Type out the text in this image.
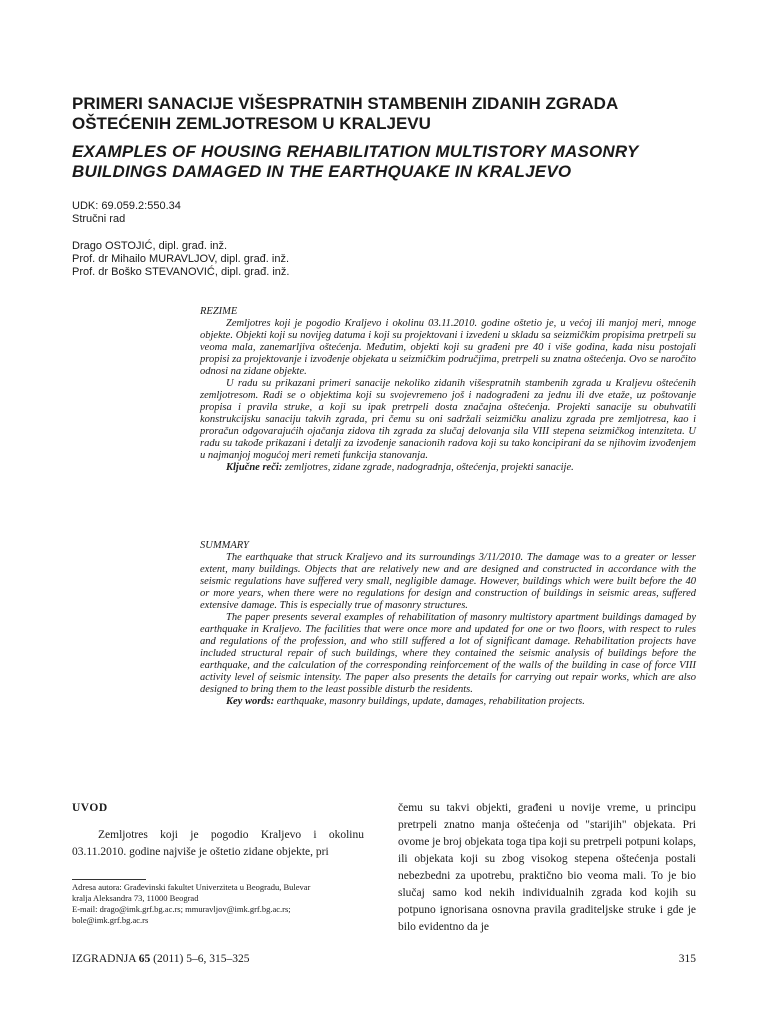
PRIMERI SANACIJE VIŠESPRATNIH STAMBENIH ZIDANIH ZGRADA OŠTEĆENIH ZEMLJOTRESOM U KRALJEVU
EXAMPLES OF HOUSING REHABILITATION MULTISTORY MASONRY BUILDINGS DAMAGED IN THE EARTHQUAKE IN KRALJEVO
UDK: 69.059.2:550.34
Stručni rad
Drago OSTOJIĆ, dipl. građ. inž.
Prof. dr Mihailo MURAVLJOV, dipl. građ. inž.
Prof. dr Boško STEVANOVIĆ, dipl. građ. inž.
REZIME

Zemljotres koji je pogodio Kraljevo i okolinu 03.11.2010. godine oštetio je, u većoj ili manjoj meri, mnoge objekte. Objekti koji su novijeg datuma i koji su projektovani i izvedeni u skladu sa seizmičkim propisima pretrpeli su veoma mala, zanemarljiva oštećenja. Međutim, objekti koji su građeni pre 40 i više godina, kada nisu postojali propisi za projektovanje i izvođenje objekata u seizmičkim područjima, pretrpeli su znatna oštećenja. Ovo se naročito odnosi na zidane objekte.

U radu su prikazani primeri sanacije nekoliko zidanih višespratnih stambenih zgrada u Kraljevu oštećenih zemljotresom. Radi se o objektima koji su svojevremeno još i nadograđeni za jednu ili dve etaže, uz poštovanje propisa i pravila struke, a koji su ipak pretrpeli dosta značajna oštećenja. Projekti sanacije su obuhvatili konstrukcijsku sanaciju takvih zgrada, pri čemu su oni sadržali seizmičku analizu zgrada pre zemljotresa, kao i proračun odgovarajućih ojačanja zidova tih zgrada za slučaj delovanja sila VIII stepena seizmičkog intenziteta. U radu su takođe prikazani i detalji za izvođenje sanacionih radova koji su tako koncipirani da se njihovim izvođenjem u najmanjoj mogućoj meri remeti funkcija stanovanja.

Ključne reči: zemljotres, zidane zgrade, nadogradnja, oštećenja, projekti sanacije.

SUMMARY

The earthquake that struck Kraljevo and its surroundings 3/11/2010. The damage was to a greater or lesser extent, many buildings. Objects that are relatively new and are designed and constructed in accordance with the seismic regulations have suffered very small, negligible damage. However, buildings which were built before the 40 or more years, when there were no regulations for design and construction of buildings in seismic areas, suffered extensive damage. This is especially true of masonry structures.

The paper presents several examples of rehabilitation of masonry multistory apartment buildings damaged by earthquake in Kraljevo. The facilities that were once more and updated for one or two floors, with respect to rules and regulations of the profession, and who still suffered a lot of significant damage. Rehabilitation projects have included structural repair of such buildings, where they contained the seismic analysis of buildings before the earthquake, and the calculation of the corresponding reinforcement of the walls of the building in case of force VIII activity level of seismic intensity. The paper also presents the details for carrying out repair works, which are also designed to bring them to the least possible disturb the residents.

Key words: earthquake, masonry buildings, update, damages, rehabilitation projects.

UVOD

Zemljotres koji je pogodio Kraljevo i okolinu 03.11.2010. godine najviše je oštetio zidane objekte, pri

čemu su takvi objekti, građeni u novije vreme, u principu pretrpeli znatno manja oštećenja od "starijih" objekata. Pri ovome je broj objekata toga tipa koji su pretrpeli potpuni kolaps, ili objekata koji su zbog visokog stepena oštećenja postali nebezbedni za upotrebu, praktično bio veoma mali. To je bio slučaj samo kod nekih individualnih zgrada kod kojih su potpuno ignorisana osnovna pravila graditeljske struke i gde je bilo evidentno da je

Adresa autora: Građevinski fakultet Univerziteta u Beogradu, Bulevar
kralja Aleksandra 73, 11000 Beograd
E-mail: drago@imk.grf.bg.ac.rs; mmuravljov@imk.grf.bg.ac.rs;
bole@imk.grf.bg.ac.rs
IZGRADNJA 65 (2011) 5–6, 315–325	315
